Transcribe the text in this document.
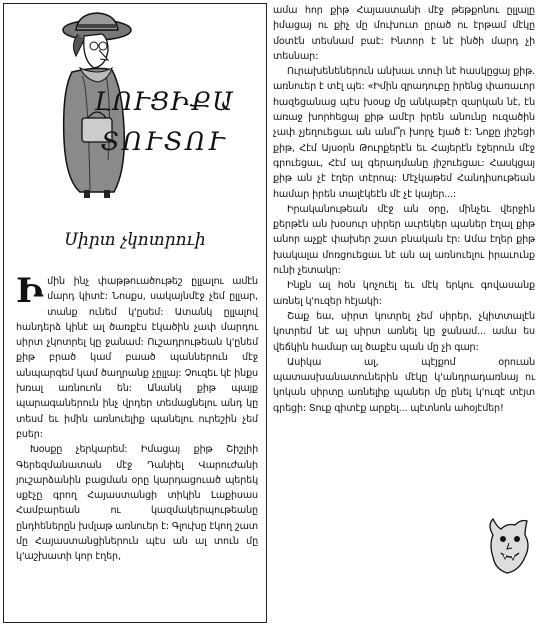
ԼՈՒՑԻՔԱ
ՏՈՒՏՈՒ
Սիրտ չկոտրուի

Իմին ինչ փաթթուածութեշ ըլլալու ամէն մարդ կիտէ: Նոսքս, սակայնմէջ չեմ ըլլար, տանք ունեմ կ'ըսեմ: Ատանկ ըլլալով հանդերձ կինէ ալ ծառքէս էկածին չափ մարդու սիրտ չկոտրել կը ջանամ: Ուշադրութեան կ'ընեմ քիթ բրած կամ բաած պաններուն մէջ անպարգեմ կամ ծաղրանք չըլլայ: Չուզեւ կէ ինքս խռալ առնուոն են: Անանկ քիթ պայք պարագաներուն ինչ վրդեր տեմացնելու անդ կը տեսմ եւ իմին առնուելիք պանելու ուրեշին չեմ բսեր:

Խօսքը չերկարեմ: Իմացայ քիթ Շիշլիի Գերեզմանատան մէջ Դանիել Վարուժանի յուշարձանին բացման օրը կարդացուած պերեկ սքէչը գրող Հայաստանցի տիկին Լաքիսաս Համբարեան ու կազմակերպութեանը ընդհեներըն խմլաթ առնուեր է: Գլուխը էկող շատ մը Հայաստանցիներուն պէս ան ալ տուն մը կ'աշխատի կոր էղեր,

ամա հոր քիթ Հայաստանի մէջ թեթքոնու ըլլալը իմացայ ու քիչ մը մուխուտ ըրած ու էրթամ մէկը մօտէն տեսնամ բաէ: Ինտոր է նէ ինծի մարդ չի տեսնար:

Ուրախենեներուն անխաւ տուի նէ հասկըցայ քիթ. առնուեր է տէլ պե: «Իմին զրադուբը իրենց փառաւոր հազեցանաց պէս խօսք մը անկաթէր զարկան նէ, էն առաջ խորհեցայ քիթ ամէր իրեն անունը ուզածին չափ չյեղուեցաւ ան անմ՞ր խորչ էյած է: Նոքը յիշեցի քիթ, Հէմ Այսօրն Թուրքերէն եւ Հայերէն էջերուն մէջ գրուեցաւ, Հէմ ալ գերադմանը յիշուեցաւ: Հասկցայ քիթ ան չէ էղեր տէրոպ: Մէչկաթեմ Հանդիսութեան համար իրեն տալէկեէն մէ չէ կայեր...:

Իրականութեան մէջ ան օրը, մինչեւ վերջին քերթէն ան խօսուր սիրեր աւրեկեր պաներ էղալ քիթ անոր աչքէ փախեր շատ բնական էր: Ամա էղեր քիթ խակալա մոռցուեցաւ նէ ան ալ առնուելու իրաւունք ունի չետակր:

Ինքն ալ հօն կոչուել եւ մէկ երկու գովասանք առնել կ'ուզեր հէյակի:

Շաք եա, սիրտ կոտրել չեմ սիրեր, չկիտտալէն կոտրեմ նէ ալ սիրտ առնել կը ջանամ... ամա ես վեճկին համար ալ ծաքէս պան մը չի գար:

Ասիկա ալ, պէյքոմ օրուան պատասխանատուներին մէկը կ'անդրադառնայ ու կոկան սիրտը առնելիք պաներ մը ընել կ'ուզէ տէյտ գրեցի: Տուք գիտէք արքել... պէտնոն ահօյէմեր!
